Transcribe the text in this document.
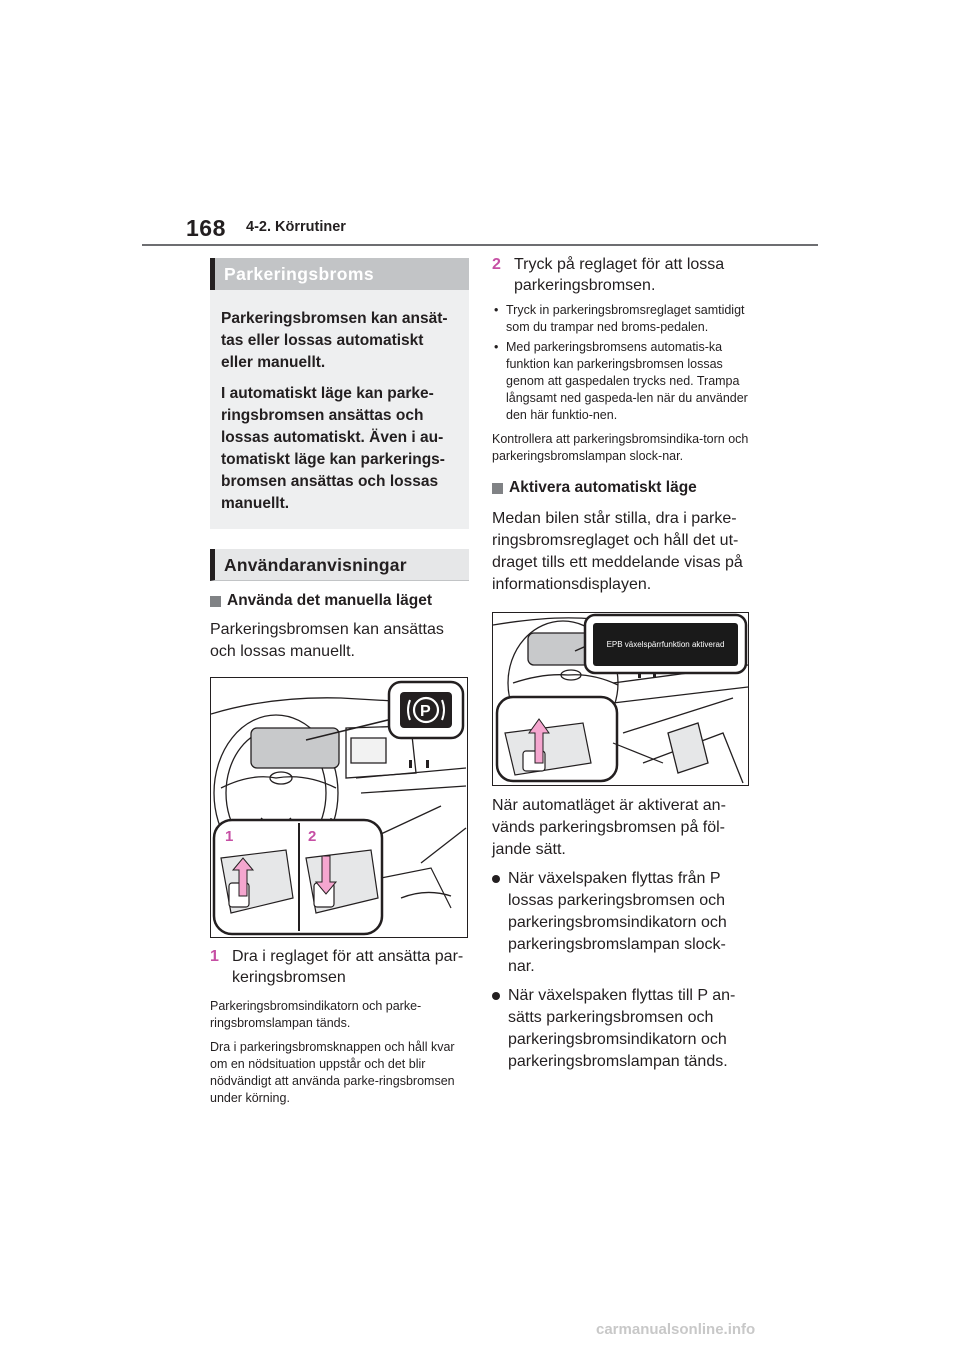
168 4-2. Körrutiner
Parkeringsbroms

Parkeringsbromsen kan ansät-tas eller lossas automatiskt eller manuellt.

I automatiskt läge kan parke-ringsbromsen ansättas och lossas automatiskt. Även i au-tomatiskt läge kan parkerings-bromsen ansättas och lossas manuellt.

Användaranvisningar
Använda det manuella läget
Parkeringsbromsen kan ansättas och lossas manuellt.
P
1	2
1 Dra i reglaget för att ansätta par-keringsbromsen
Parkeringsbromsindikatorn och parke-ringsbromslampan tänds.
Dra i parkeringsbromsknappen och håll kvar om en nödsituation uppstår och det blir nödvändigt att använda parke-ringsbromsen under körning.
2 Tryck på reglaget för att lossa parkeringsbromsen.
• Tryck in parkeringsbromsreglaget samtidigt som du trampar ned broms-pedalen.
• Med parkeringsbromsens automatis-ka funktion kan parkeringsbromsen lossas genom att gaspedalen trycks ned. Trampa långsamt ned gaspeda-len när du använder den här funktio-nen.
Kontrollera att parkeringsbromsindika-torn och parkeringsbromslampan slock-nar.
Aktivera automatiskt läge
Medan bilen står stilla, dra i parke-ringsbromsreglaget och håll det ut-draget tills ett meddelande visas på informationsdisplayen.
EPB växelspärrfunktion aktiverad
När automatläget är aktiverat an-vänds parkeringsbromsen på föl-jande sätt.
När växelspaken flyttas från P lossas parkeringsbromsen och parkeringsbromsindikatorn och parkeringsbromslampan slock-nar.
När växelspaken flyttas till P an-sätts parkeringsbromsen och parkeringsbromsindikatorn och parkeringsbromslampan tänds.
carmanualsonline.info
